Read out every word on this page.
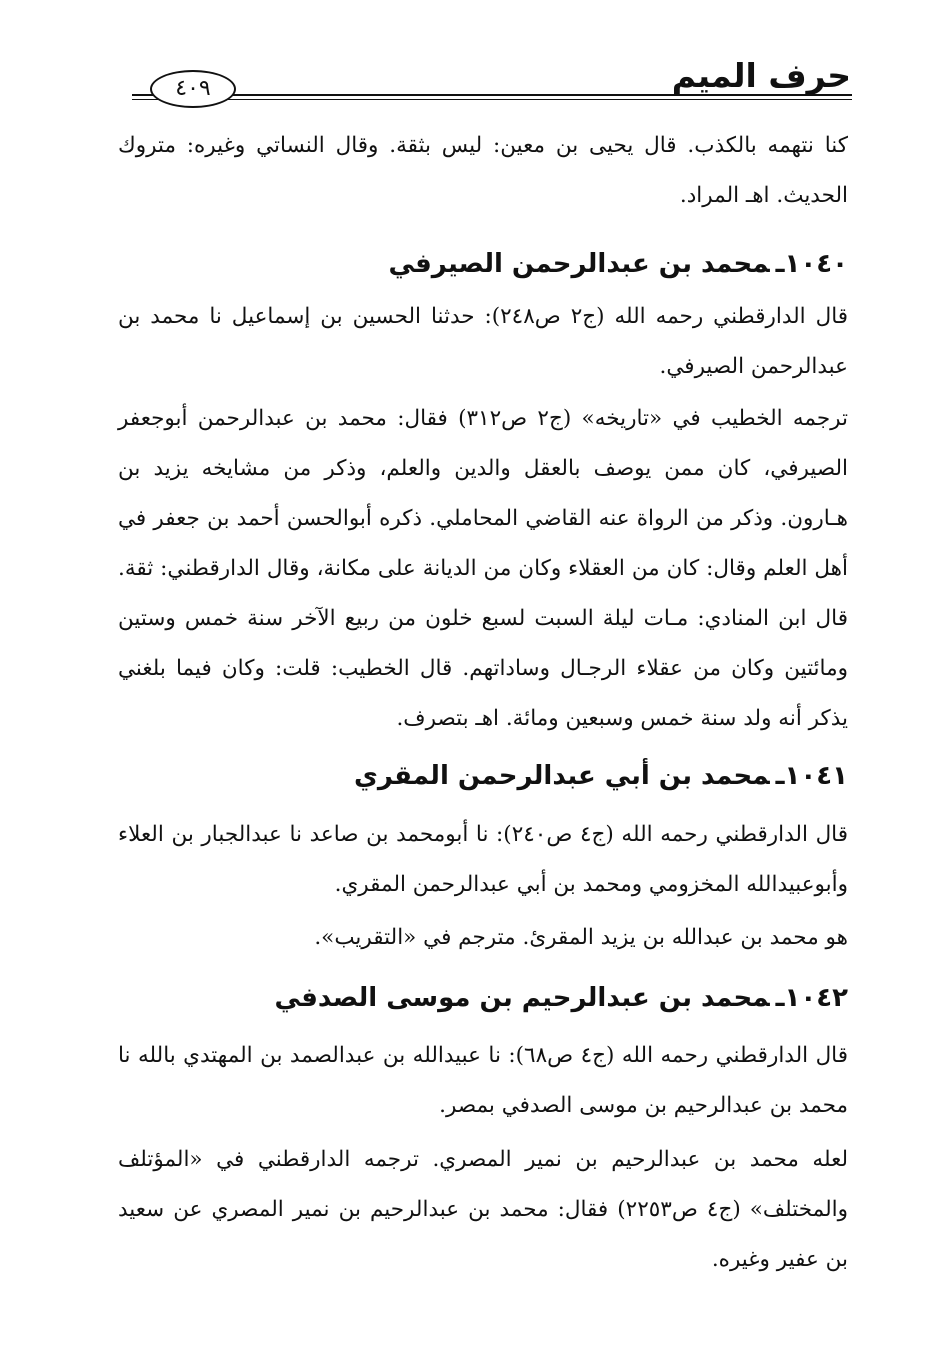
حرف الميم
٤٠٩
كنا نتهمه بالكذب. قال يحيى بن معين: ليس بثقة. وقال النساتي وغيره: متروك الحديث. اهـ المراد.
١٠٤٠ـمحمد بن عبدالرحمن الصيرفي
قال الدارقطني رحمه الله (ج٢ ص٢٤٨): حدثنا الحسين بن إسماعيل نا محمد بن عبدالرحمن الصيرفي.
ترجمه الخطيب في «تاريخه» (ج٢ ص٣١٢) فقال: محمد بن عبدالرحمن أبوجعفر الصيرفي، كان ممن يوصف بالعقل والدين والعلم، وذكر من مشايخه يزيد بن هـارون. وذكر من الرواة عنه القاضي المحاملي. ذكره أبوالحسن أحمد بن جعفر في أهل العلم وقال: كان من العقلاء وكان من الديانة على مكانة، وقال الدارقطني: ثقة. قال ابن المنادي: مـات ليلة السبت لسبع خلون من ربيع الآخر سنة خمس وستين ومائتين وكان من عقلاء الرجـال وساداتهم. قال الخطيب: قلت: وكان فيما بلغني يذكر أنه ولد سنة خمس وسبعين ومائة. اهـ بتصرف.
١٠٤١ـمحمد بن أبي عبدالرحمن المقري
قال الدارقطني رحمه الله (ج٤ ص٢٤٠): نا أبومحمد بن صاعد نا عبدالجبار بن العلاء وأبوعبيدالله المخزومي ومحمد بن أبي عبدالرحمن المقري.
هو محمد بن عبدالله بن يزيد المقرئ. مترجم في «التقريب».
١٠٤٢ـمحمد بن عبدالرحيم بن موسى الصدفي
قال الدارقطني رحمه الله (ج٤ ص٦٨): نا عبيدالله بن عبدالصمد بن المهتدي بالله نا محمد بن عبدالرحيم بن موسى الصدفي بمصر.
لعله محمد بن عبدالرحيم بن نمير المصري. ترجمه الدارقطني في «المؤتلف والمختلف» (ج٤ ص٢٢٥٣) فقال: محمد بن عبدالرحيم بن نمير المصري عن سعيد بن عفير وغيره.
